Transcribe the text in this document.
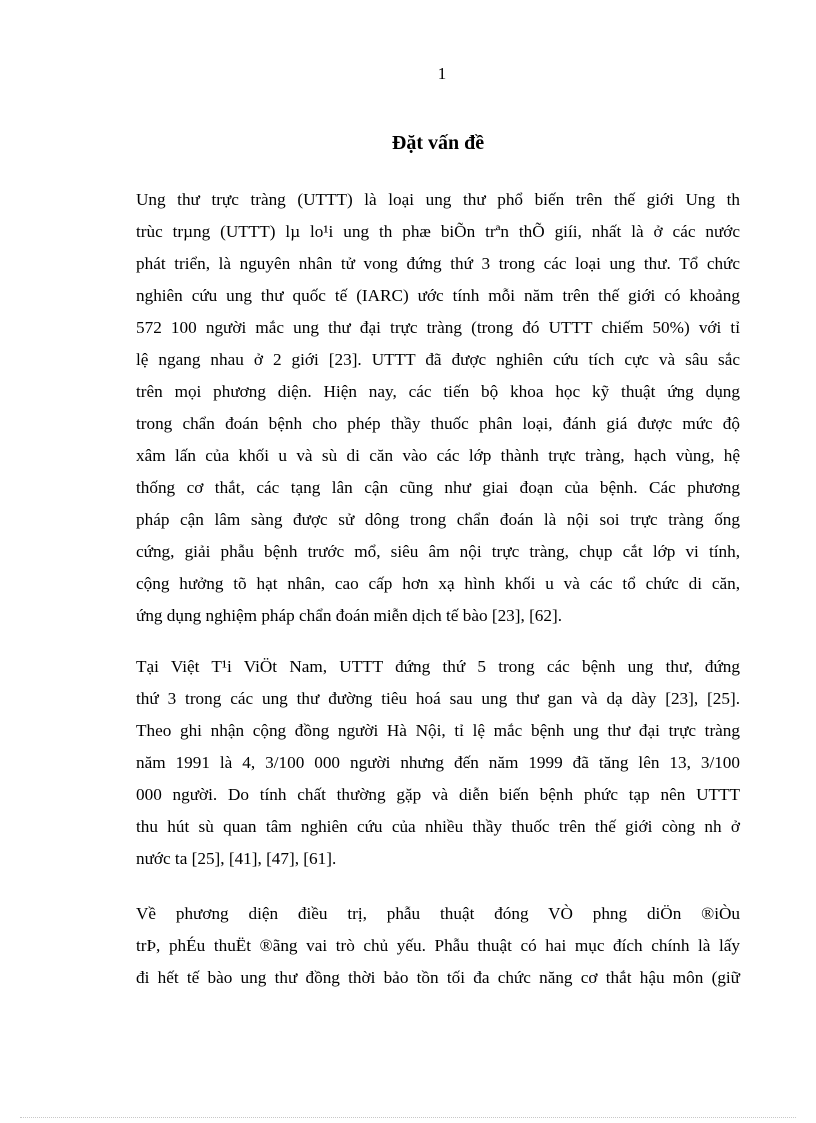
1
Đặt vấn đề
Ung thư trực tràng (UTTT) là loại ung thư phổ biến trên thế giới Ung th
trùc trµng (UTTT) lµ lo¹i ung th phæ biÕn trªn thÕ giíi, nhất là ở các nước
phát triển, là nguyên nhân tử vong đứng thứ 3 trong các loại ung thư. Tổ chức
nghiên cứu ung thư quốc tế (IARC) ước tính mỗi năm trên thế giới có khoảng
572 100 người mắc ung thư đại trực tràng (trong đó UTTT chiếm 50%) với tỉ
lệ ngang nhau ở 2 giới [23]. UTTT đã được nghiên cứu tích cực và sâu sắc
trên mọi phương diện. Hiện nay, các tiến bộ khoa học kỹ thuật ứng dụng
trong chẩn đoán bệnh cho phép thầy thuốc phân loại, đánh giá được mức độ
xâm lấn của khối u và sù di căn vào các lớp thành trực tràng, hạch vùng, hệ
thống cơ thắt, các tạng lân cận cũng như giai đoạn của bệnh. Các phương
pháp cận lâm sàng được sử dông trong chẩn đoán là nội soi trực tràng ống
cứng, giải phẫu bệnh trước mổ, siêu âm nội trực tràng, chụp cắt lớp vi tính,
cộng hưởng tõ hạt nhân, cao cấp hơn xạ hình khối u và các tổ chức di căn,
ứng dụng nghiệm pháp chẩn đoán miễn dịch tế bào [23], [62].
Tại Việt T¹i ViÖt Nam, UTTT đứng thứ 5 trong các bệnh ung thư, đứng
thứ 3 trong các ung thư đường tiêu hoá sau ung thư gan và dạ dày [23], [25].
Theo ghi nhận cộng đồng người Hà Nội, tỉ lệ mắc bệnh ung thư đại trực tràng
năm 1991 là 4, 3/100 000 người nhưng đến năm 1999 đã tăng lên 13, 3/100
000 người. Do tính chất thường gặp và diễn biến bệnh phức tạp nên UTTT
thu hút sù quan tâm nghiên cứu của nhiều thầy thuốc trên thế giới còng nh ở
nước ta [25], [41], [47], [61].
Về phương diện điều trị, phẫu thuật đóng VÒ phng diÖn ®iÒu
trÞ, phÉu thuËt ®ãng vai trò chủ yếu. Phẫu thuật có hai mục đích chính là lấy
đi hết tế bào ung thư đồng thời bảo tồn tối đa chức năng cơ thắt hậu môn (giữ
